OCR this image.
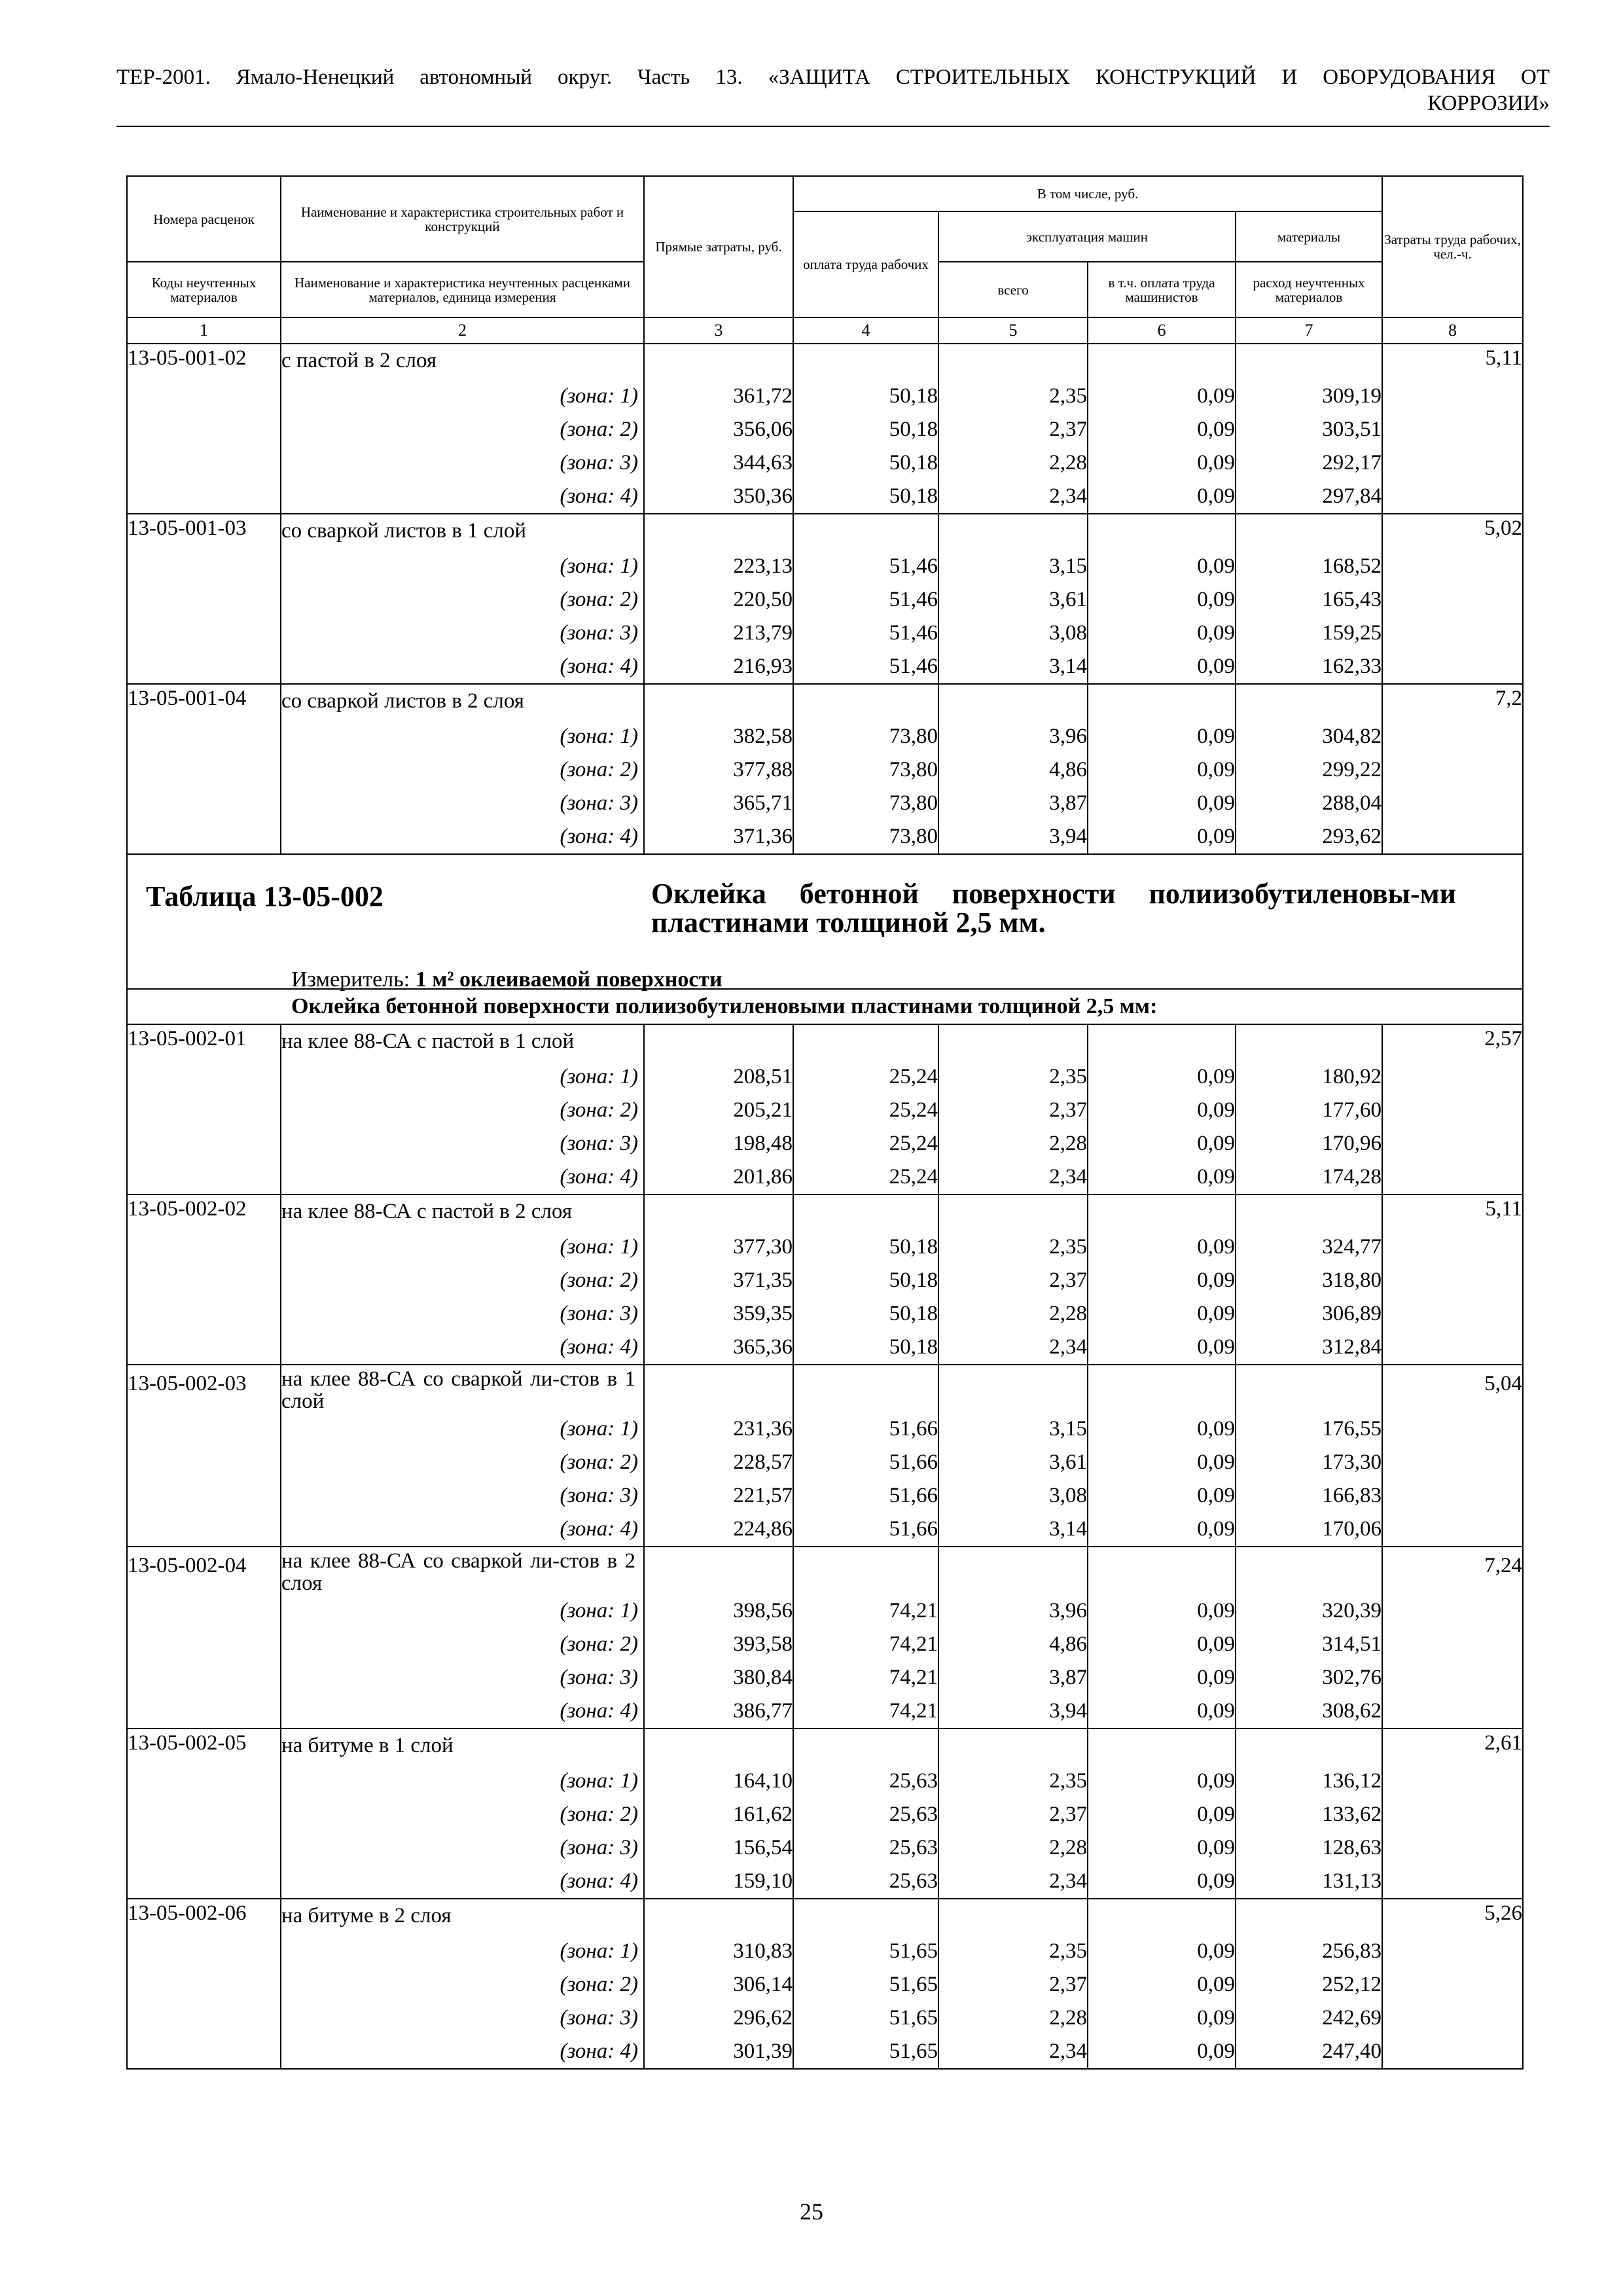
ТЕР-2001. Ямало-Ненецкий автономный округ. Часть 13. «ЗАЩИТА СТРОИТЕЛЬНЫХ КОНСТРУКЦИЙ И ОБОРУДОВАНИЯ ОТ
КОРРОЗИИ»
Номера расценок	Наименование и характеристика строительных работ и конструкций	Прямые затраты, руб.	В том числе, руб.				Затраты труда рабочих, чел.-ч.
			оплата труда рабочих	эксплуатация машин		материалы	
Коды неучтенных материалов	Наименование и характеристика неучтенных расценками материалов, единица измерения			всего	в т.ч. оплата труда машинистов	расход неучтенных материалов	
1	2	3	4	5	6	7	8
13-05-001-02	с пастой в 2 слоя						5,11
	(зона: 1)	361,72	50,18	2,35	0,09	309,19	
	(зона: 2)	356,06	50,18	2,37	0,09	303,51	
	(зона: 3)	344,63	50,18	2,28	0,09	292,17	
	(зона: 4)	350,36	50,18	2,34	0,09	297,84	
13-05-001-03	со сваркой листов в 1 слой						5,02
	(зона: 1)	223,13	51,46	3,15	0,09	168,52	
	(зона: 2)	220,50	51,46	3,61	0,09	165,43	
	(зона: 3)	213,79	51,46	3,08	0,09	159,25	
	(зона: 4)	216,93	51,46	3,14	0,09	162,33	
13-05-001-04	со сваркой листов в 2 слоя						7,2
	(зона: 1)	382,58	73,80	3,96	0,09	304,82	
	(зона: 2)	377,88	73,80	4,86	0,09	299,22	
	(зона: 3)	365,71	73,80	3,87	0,09	288,04	
	(зона: 4)	371,36	73,80	3,94	0,09	293,62	

Таблица 13-05-002 Оклейка бетонной поверхности полиизобутиленовы-ми пластинами толщиной 2,5 мм.
Измеритель: 1 м² оклеиваемой поверхности							

Оклейка бетонной поверхности полиизобутиленовыми пластинами толщиной 2,5 мм:							
13-05-002-01	на клее 88-СА с пастой в 1 слой						2,57
	(зона: 1)	208,51	25,24	2,35	0,09	180,92	
	(зона: 2)	205,21	25,24	2,37	0,09	177,60	
	(зона: 3)	198,48	25,24	2,28	0,09	170,96	
	(зона: 4)	201,86	25,24	2,34	0,09	174,28	
13-05-002-02	на клее 88-СА с пастой в 2 слоя						5,11
	(зона: 1)	377,30	50,18	2,35	0,09	324,77	
	(зона: 2)	371,35	50,18	2,37	0,09	318,80	
	(зона: 3)	359,35	50,18	2,28	0,09	306,89	
	(зона: 4)	365,36	50,18	2,34	0,09	312,84	
13-05-002-03	на клее 88-СА со сваркой ли-стов в 1 слой						5,04
	(зона: 1)	231,36	51,66	3,15	0,09	176,55	
	(зона: 2)	228,57	51,66	3,61	0,09	173,30	
	(зона: 3)	221,57	51,66	3,08	0,09	166,83	
	(зона: 4)	224,86	51,66	3,14	0,09	170,06	
13-05-002-04	на клее 88-СА со сваркой ли-стов в 2 слоя						7,24
	(зона: 1)	398,56	74,21	3,96	0,09	320,39	
	(зона: 2)	393,58	74,21	4,86	0,09	314,51	
	(зона: 3)	380,84	74,21	3,87	0,09	302,76	
	(зона: 4)	386,77	74,21	3,94	0,09	308,62	
13-05-002-05	на битуме в 1 слой						2,61
	(зона: 1)	164,10	25,63	2,35	0,09	136,12	
	(зона: 2)	161,62	25,63	2,37	0,09	133,62	
	(зона: 3)	156,54	25,63	2,28	0,09	128,63	
	(зона: 4)	159,10	25,63	2,34	0,09	131,13	
13-05-002-06	на битуме в 2 слоя						5,26
	(зона: 1)	310,83	51,65	2,35	0,09	256,83	
	(зона: 2)	306,14	51,65	2,37	0,09	252,12	
	(зона: 3)	296,62	51,65	2,28	0,09	242,69	
	(зона: 4)	301,39	51,65	2,34	0,09	247,40	
25
